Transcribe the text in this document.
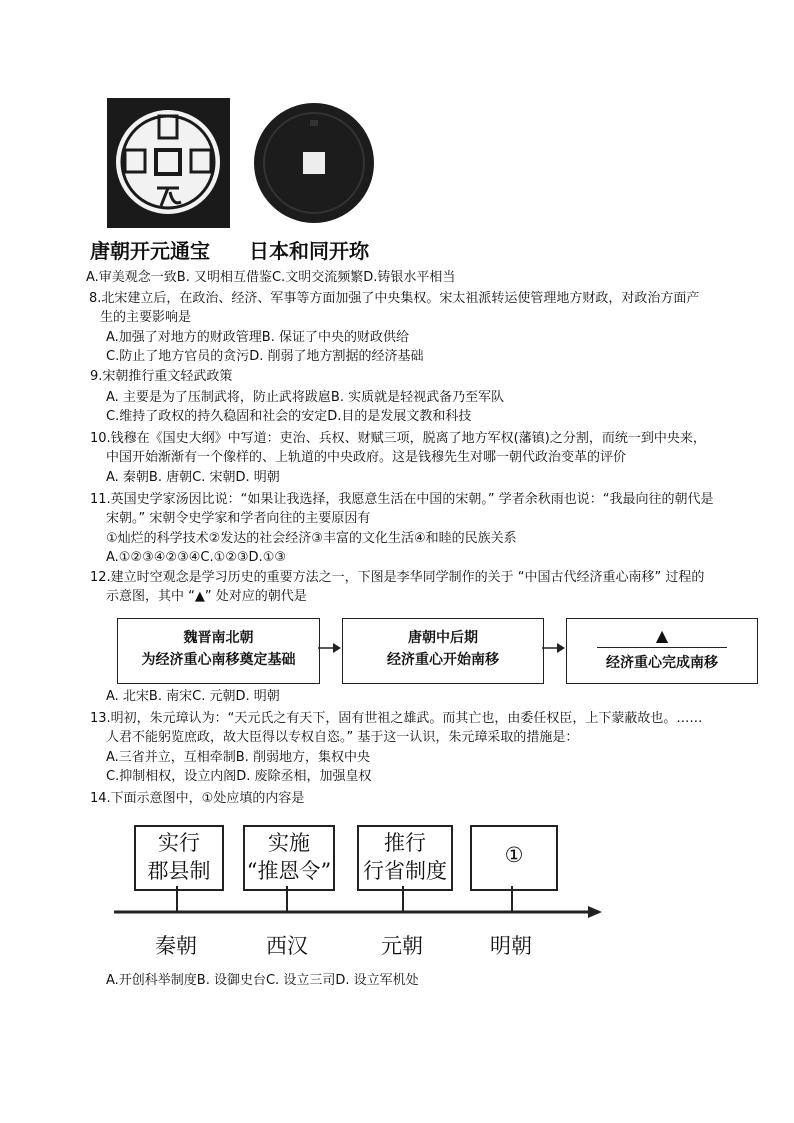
唐朝开元通宝 日本和同开珎
A.审美观念一致B. 又明相互借鉴C.文明交流频繁D.铸银水平相当
8.北宋建立后，在政治、经济、军事等方面加强了中央集权。宋太祖派转运使管理地方财政，对政治方面产
生的主要影响是
A.加强了对地方的财政管理B. 保证了中央的财政供给
C.防止了地方官员的贪污D. 削弱了地方割据的经济基础
9.宋朝推行重文轻武政策
A. 主要是为了压制武将，防止武将跋扈B. 实质就是轻视武备乃至军队
C.维持了政权的持久稳固和社会的安定D.目的是发展文教和科技
10.钱穆在《国史大纲》中写道：吏治、兵权、财赋三项，脱离了地方军权(藩镇)之分割，而统一到中央来，
中国开始渐渐有一个像样的、上轨道的中央政府。这是钱穆先生对哪一朝代政治变革的评价
A. 秦朝B. 唐朝C. 宋朝D. 明朝
11.英国史学家汤因比说：“如果让我选择，我愿意生活在中国的宋朝。” 学者余秋雨也说：“我最向往的朝代是
宋朝。” 宋朝令史学家和学者向往的主要原因有
①灿烂的科学技术②发达的社会经济③丰富的文化生活④和睦的民族关系
A.①②③④②③④C.①②③D.①③
12.建立时空观念是学习历史的重要方法之一，下图是李华同学制作的关于 “中国古代经济重心南移” 过程的
示意图，其中 “▲” 处对应的朝代是
魏晋南北朝
为经济重心南移奠定基础
唐朝中后期
经济重心开始南移
▲
经济重心完成南移
A. 北宋B. 南宋C. 元朝D. 明朝
13.明初，朱元璋认为：“天元氏之有天下，固有世祖之雄武。而其亡也，由委任权臣，上下蒙蔽故也。……
人君不能躬览庶政，故大臣得以专权自恣。” 基于这一认识，朱元璋采取的措施是：
A.三省并立，互相牵制B. 削弱地方，集权中央
C.抑制相权，设立内阁D. 废除丞相，加强皇权
14.下面示意图中，①处应填的内容是
实行
郡县制
实施
“推恩令”
推行
行省制度
①
秦朝	西汉	元朝	明朝
A.开创科举制度B. 设御史台C. 设立三司D. 设立军机处
